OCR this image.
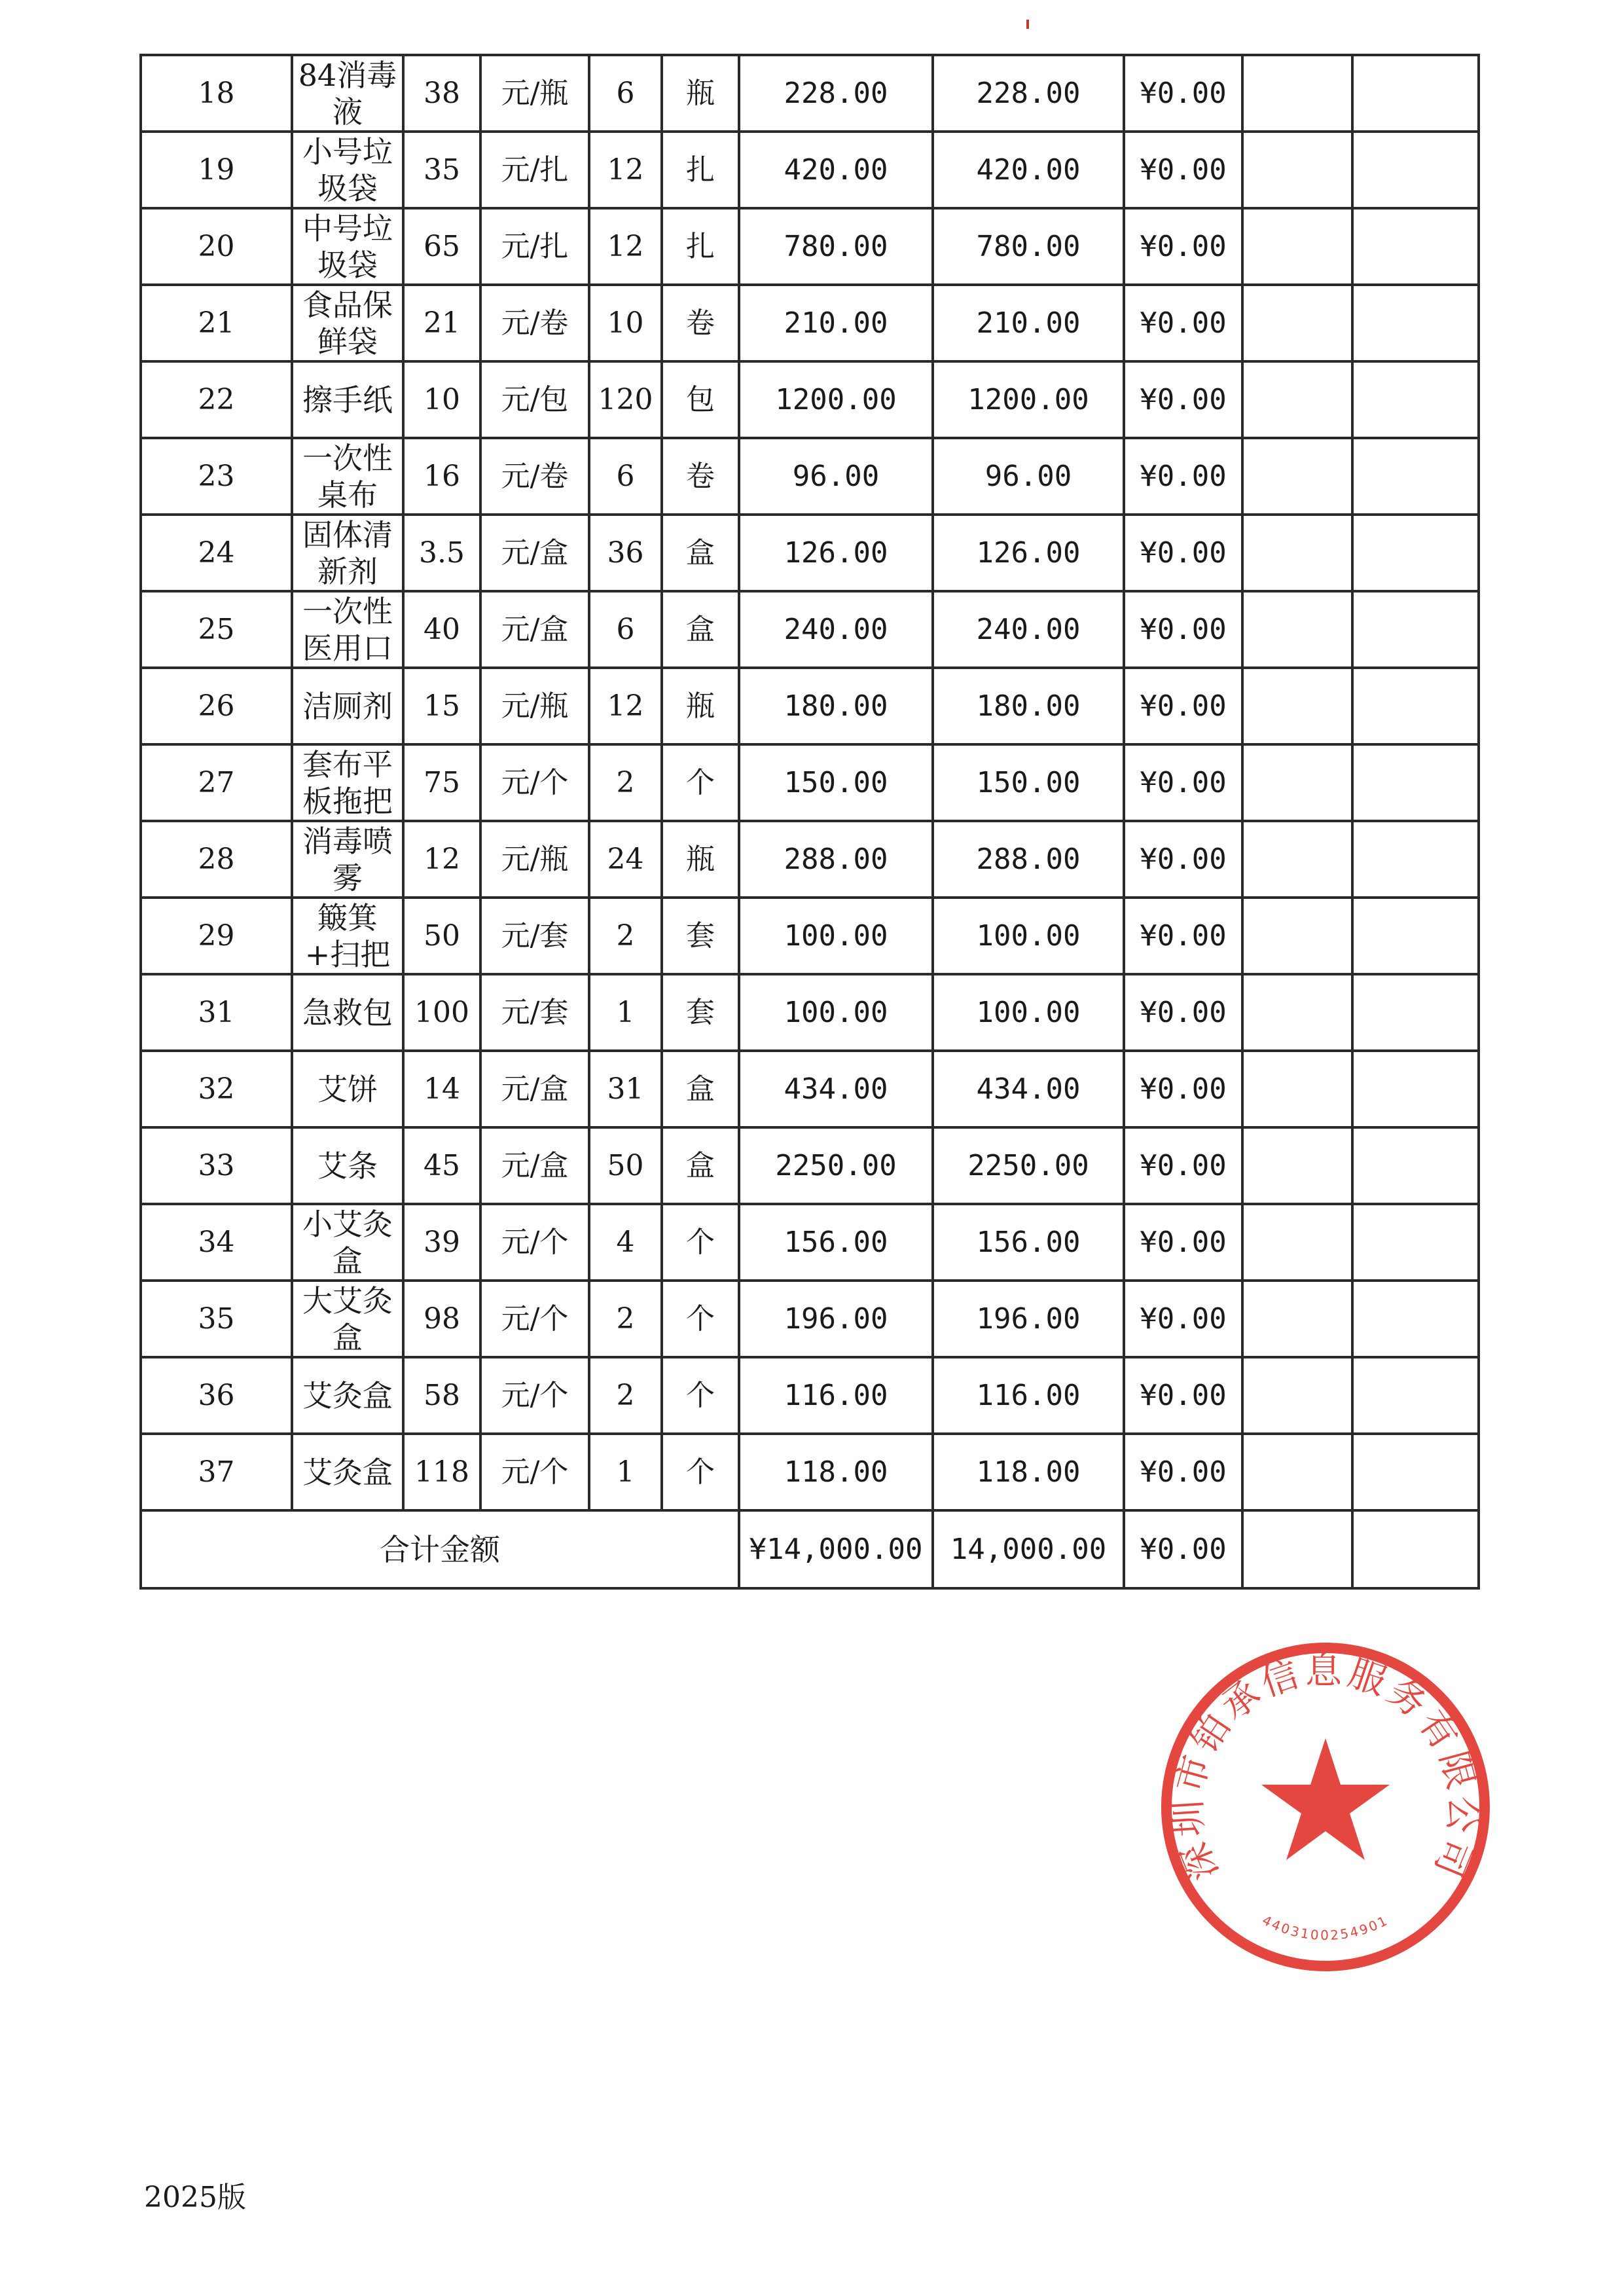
18	84消毒液	38	元/瓶	6	瓶	228.00	228.00	¥0.00		
19	小号垃圾袋	35	元/扎	12	扎	420.00	420.00	¥0.00		
20	中号垃圾袋	65	元/扎	12	扎	780.00	780.00	¥0.00		
21	食品保鲜袋	21	元/卷	10	卷	210.00	210.00	¥0.00		
22	擦手纸	10	元/包	120	包	1200.00	1200.00	¥0.00		
23	一次性桌布	16	元/卷	6	卷	96.00	96.00	¥0.00		
24	固体清新剂	3.5	元/盒	36	盒	126.00	126.00	¥0.00		
25	一次性医用口	40	元/盒	6	盒	240.00	240.00	¥0.00		
26	洁厕剂	15	元/瓶	12	瓶	180.00	180.00	¥0.00		
27	套布平板拖把	75	元/个	2	个	150.00	150.00	¥0.00		
28	消毒喷雾	12	元/瓶	24	瓶	288.00	288.00	¥0.00		
29	簸箕+扫把	50	元/套	2	套	100.00	100.00	¥0.00		
31	急救包	100	元/套	1	套	100.00	100.00	¥0.00		
32	艾饼	14	元/盒	31	盒	434.00	434.00	¥0.00		
33	艾条	45	元/盒	50	盒	2250.00	2250.00	¥0.00		
34	小艾灸盒	39	元/个	4	个	156.00	156.00	¥0.00		
35	大艾灸盒	98	元/个	2	个	196.00	196.00	¥0.00		
36	艾灸盒	58	元/个	2	个	116.00	116.00	¥0.00		
37	艾灸盒	118	元/个	1	个	118.00	118.00	¥0.00		
合计金额						¥14,000.00	14,000.00	¥0.00		
深圳市铂承信息服务有限公司
4403100254901
2025版
